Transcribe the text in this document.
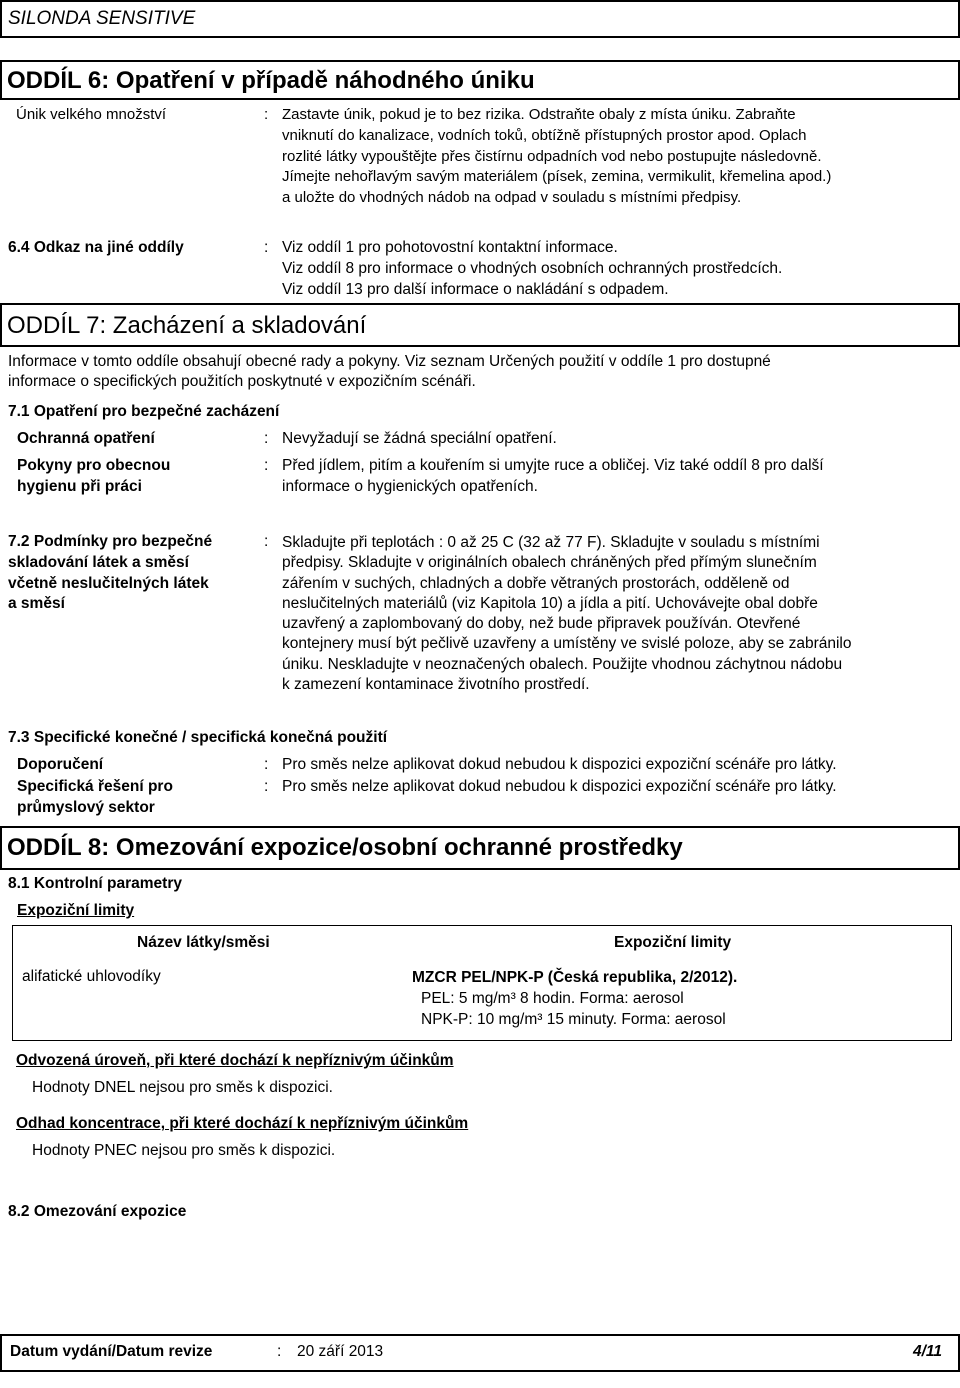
SILONDA SENSITIVE
ODDÍL 6: Opatření v případě náhodného úniku
Únik velkého množství	: Zastavte únik, pokud je to bez rizika. Odstraňte obaly z místa úniku. Zabraňte
vniknutí do kanalizace, vodních toků, obtížně přístupných prostor apod. Oplach
rozlité látky vypouštějte přes čistírnu odpadních vod nebo postupujte následovně.
Jímejte nehořlavým savým materiálem (písek, zemina, vermikulit, křemelina apod.)
a uložte do vhodných nádob na odpad v souladu s místními předpisy.
6.4 Odkaz na jiné oddíly	: Viz oddíl 1 pro pohotovostní kontaktní informace.
Viz oddíl 8 pro informace o vhodných osobních ochranných prostředcích.
Viz oddíl 13 pro další informace o nakládání s odpadem.
ODDÍL 7: Zacházení a skladování
Informace v tomto oddíle obsahují obecné rady a pokyny. Viz seznam Určených použití v oddíle 1 pro dostupné
informace o specifických použitích poskytnuté v expozičním scénáři.
7.1 Opatření pro bezpečné zacházení
Ochranná opatření	: Nevyžadují se žádná speciální opatření.
Pokyny pro obecnou
hygienu při práci
: Před jídlem, pitím a kouřením si umyjte ruce a obličej. Viz také oddíl 8 pro další
informace o hygienických opatřeních.
7.2 Podmínky pro bezpečné
skladování látek a směsí
včetně neslučitelných látek
a směsí
: Skladujte při teplotách : 0 až 25 C (32 až 77 F). Skladujte v souladu s místními
předpisy. Skladujte v originálních obalech chráněných před přímým slunečním
zářením v suchých, chladných a dobře větraných prostorách, odděleně od
neslučitelných materiálů (viz Kapitola 10) a jídla a pití. Uchovávejte obal dobře
uzavřený a zaplombovaný do doby, než bude připravek používán. Otevřené
kontejnery musí být pečlivě uzavřeny a umístěny ve svislé poloze, aby se zabránilo
úniku. Neskladujte v neoznačených obalech. Použijte vhodnou záchytnou nádobu
k zamezení kontaminace životního prostředí.
7.3 Specifické konečné / specifická konečná použití
Doporučení	: Pro směs nelze aplikovat dokud nebudou k dispozici expoziční scénáře pro látky.
Specifická řešení pro
průmyslový sektor
: Pro směs nelze aplikovat dokud nebudou k dispozici expoziční scénáře pro látky.
ODDÍL 8: Omezování expozice/osobní ochranné prostředky
8.1 Kontrolní parametry
Expoziční limity
Název látky/směsi	Expoziční limity
alifatické uhlovodíky	MZCR PEL/NPK-P (Česká republika, 2/2012).
PEL: 5 mg/m³ 8 hodin. Forma: aerosol
NPK-P: 10 mg/m³ 15 minuty. Forma: aerosol
Odvozená úroveň, při které dochází k nepříznivým účinkům
Hodnoty DNEL nejsou pro směs k dispozici.
Odhad koncentrace, při které dochází k nepříznivým účinkům
Hodnoty PNEC nejsou pro směs k dispozici.
8.2 Omezování expozice
Datum vydání/Datum revize	: 20 září 2013	4/11
